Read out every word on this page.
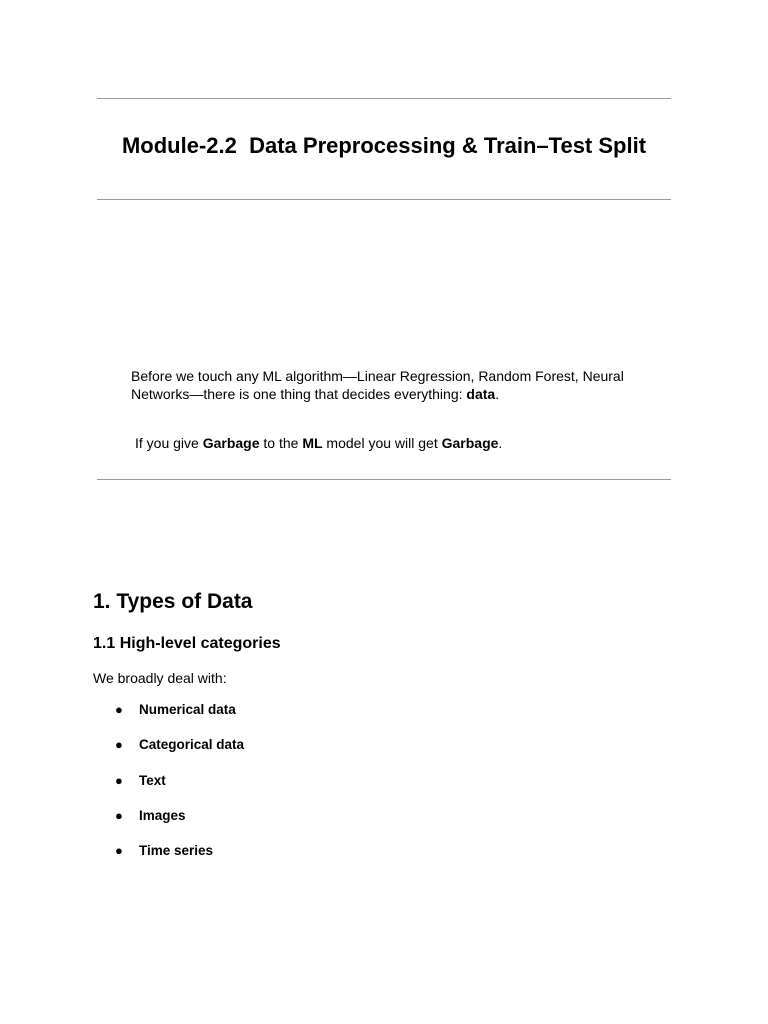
Module-2.2  Data Preprocessing & Train–Test Split

Before we touch any ML algorithm—Linear Regression, Random Forest, Neural Networks—there is one thing that decides everything: data.

If you give Garbage to the ML model you will get Garbage.

1. Types of Data
1.1 High-level categories

We broadly deal with:

● Numerical data
● Categorical data
● Text
● Images
● Time series
